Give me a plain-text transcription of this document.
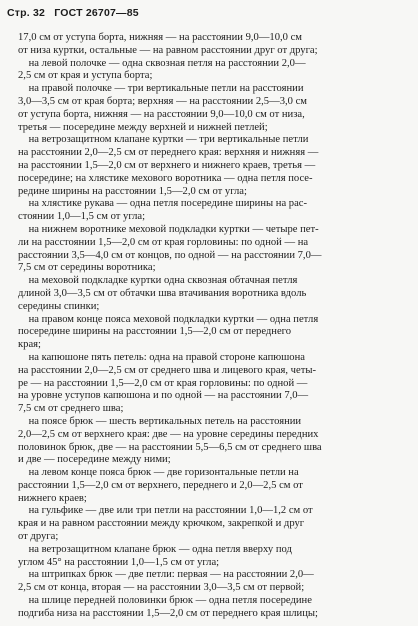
Стр. 32 ГОСТ 26707—85
17,0 см от уступа борта, нижняя — на расстоянии 9,0—10,0 см
от низа куртки, остальные — на равном расстоянии друг от друга;
на левой полочке — одна сквозная петля на расстоянии 2,0—
2,5 см от края и уступа борта;
на правой полочке — три вертикальные петли на расстоянии
3,0—3,5 см от края борта; верхняя — на расстоянии 2,5—3,0 см
от уступа борта, нижняя — на расстоянии 9,0—10,0 см от низа,
третья — посередине между верхней и нижней петлей;
на ветрозащитном клапане куртки — три вертикальные петли
на расстоянии 2,0—2,5 см от переднего края: верхняя и нижняя —
на расстоянии 1,5—2,0 см от верхнего и нижнего краев, третья —
посередине; на хлястике мехового воротника — одна петля посе-
редине ширины на расстоянии 1,5—2,0 см от угла;
на хлястике рукава — одна петля посередине ширины на рас-
стоянии 1,0—1,5 см от угла;
на нижнем воротнике меховой подкладки куртки — четыре пет-
ли на расстоянии 1,5—2,0 см от края горловины: по одной — на
расстоянии 3,5—4,0 см от концов, по одной — на расстоянии 7,0—
7,5 см от середины воротника;
на меховой подкладке куртки одна сквозная обтачная петля
длиной 3,0—3,5 см от обтачки шва втачивания воротника вдоль
середины спинки;
на правом конце пояса меховой подкладки куртки — одна петля
посередине ширины на расстоянии 1,5—2,0 см от переднего
края;
на капюшоне пять петель: одна на правой стороне капюшона
на расстоянии 2,0—2,5 см от среднего шва и лицевого края, четы-
ре — на расстоянии 1,5—2,0 см от края горловины: по одной —
на уровне уступов капюшона и по одной — на расстоянии 7,0—
7,5 см от среднего шва;
на поясе брюк — шесть вертикальных петель на расстоянии
2,0—2,5 см от верхнего края: две — на уровне середины передних
половинок брюк, две — на расстоянии 5,5—6,5 см от среднего шва
и две — посередине между ними;
на левом конце пояса брюк — две горизонтальные петли на
расстоянии 1,5—2,0 см от верхнего, переднего и 2,0—2,5 см от
нижнего краев;
на гульфике — две или три петли на расстоянии 1,0—1,2 см от
края и на равном расстоянии между крючком, закрепкой и друг
от друга;
на ветрозащитном клапане брюк — одна петля вверху под
углом 45° на расстоянии 1,0—1,5 см от угла;
на штрипках брюк — две петли: первая — на расстоянии 2,0—
2,5 см от конца, вторая — на расстоянии 3,0—3,5 см от первой;
на шлице передней половинки брюк — одна петля посередине
подгиба низа на расстоянии 1,5—2,0 см от переднего края шлицы;
